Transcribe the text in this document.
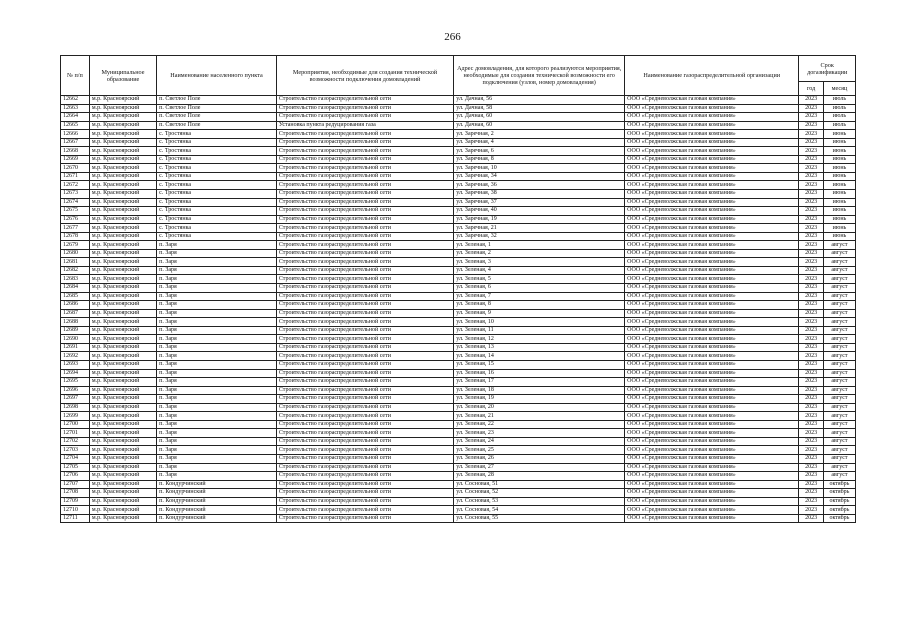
266
№ п/п	Муниципальное образование	Наименование населенного пункта	Мероприятия, необходимые для создания технической возможности подключения домовладений	Адрес домовладения, для которого реализуются мероприятия, необходимые для создания технической возможности его подключения (узлов, номер домовладения)	Наименование газораспределительной организации	Срок догазификации	
						год	месяц
12662	м.р. Красноярский	п. Светлое Поле	Строительство газораспределительной сети	ул. Дачная, 56	ООО «Средневолжская газовая компания»	2023	июль
12663	м.р. Красноярский	п. Светлое Поле	Строительство газораспределительной сети	ул. Дачная, 58	ООО «Средневолжская газовая компания»	2023	июль
12664	м.р. Красноярский	п. Светлое Поле	Строительство газораспределительной сети	ул. Дачная, 60	ООО «Средневолжская газовая компания»	2023	июль
12665	м.р. Красноярский	п. Светлое Поле	Установка пункта редуцирования газа	ул. Дачная, 60	ООО «Средневолжская газовая компания»	2023	июль
12666	м.р. Красноярский	с. Тростянка	Строительство газораспределительной сети	ул. Заречная, 2	ООО «Средневолжская газовая компания»	2023	июнь
12667	м.р. Красноярский	с. Тростянка	Строительство газораспределительной сети	ул. Заречная, 4	ООО «Средневолжская газовая компания»	2023	июнь
12668	м.р. Красноярский	с. Тростянка	Строительство газораспределительной сети	ул. Заречная, 6	ООО «Средневолжская газовая компания»	2023	июнь
12669	м.р. Красноярский	с. Тростянка	Строительство газораспределительной сети	ул. Заречная, 8	ООО «Средневолжская газовая компания»	2023	июнь
12670	м.р. Красноярский	с. Тростянка	Строительство газораспределительной сети	ул. Заречная, 10	ООО «Средневолжская газовая компания»	2023	июнь
12671	м.р. Красноярский	с. Тростянка	Строительство газораспределительной сети	ул. Заречная, 34	ООО «Средневолжская газовая компания»	2023	июнь
12672	м.р. Красноярский	с. Тростянка	Строительство газораспределительной сети	ул. Заречная, 36	ООО «Средневолжская газовая компания»	2023	июнь
12673	м.р. Красноярский	с. Тростянка	Строительство газораспределительной сети	ул. Заречная, 38	ООО «Средневолжская газовая компания»	2023	июнь
12674	м.р. Красноярский	с. Тростянка	Строительство газораспределительной сети	ул. Заречная, 37	ООО «Средневолжская газовая компания»	2023	июнь
12675	м.р. Красноярский	с. Тростянка	Строительство газораспределительной сети	ул. Заречная, 40	ООО «Средневолжская газовая компания»	2023	июнь
12676	м.р. Красноярский	с. Тростянка	Строительство газораспределительной сети	ул. Заречная, 19	ООО «Средневолжская газовая компания»	2023	июнь
12677	м.р. Красноярский	с. Тростянка	Строительство газораспределительной сети	ул. Заречная, 21	ООО «Средневолжская газовая компания»	2023	июнь
12678	м.р. Красноярский	с. Тростянка	Строительство газораспределительной сети	ул. Заречная, 32	ООО «Средневолжская газовая компания»	2023	июнь
12679	м.р. Красноярский	п. Заря	Строительство газораспределительной сети	ул. Зеленая, 1	ООО «Средневолжская газовая компания»	2023	август
12680	м.р. Красноярский	п. Заря	Строительство газораспределительной сети	ул. Зеленая, 2	ООО «Средневолжская газовая компания»	2023	август
12681	м.р. Красноярский	п. Заря	Строительство газораспределительной сети	ул. Зеленая, 3	ООО «Средневолжская газовая компания»	2023	август
12682	м.р. Красноярский	п. Заря	Строительство газораспределительной сети	ул. Зеленая, 4	ООО «Средневолжская газовая компания»	2023	август
12683	м.р. Красноярский	п. Заря	Строительство газораспределительной сети	ул. Зеленая, 5	ООО «Средневолжская газовая компания»	2023	август
12684	м.р. Красноярский	п. Заря	Строительство газораспределительной сети	ул. Зеленая, 6	ООО «Средневолжская газовая компания»	2023	август
12685	м.р. Красноярский	п. Заря	Строительство газораспределительной сети	ул. Зеленая, 7	ООО «Средневолжская газовая компания»	2023	август
12686	м.р. Красноярский	п. Заря	Строительство газораспределительной сети	ул. Зеленая, 8	ООО «Средневолжская газовая компания»	2023	август
12687	м.р. Красноярский	п. Заря	Строительство газораспределительной сети	ул. Зеленая, 9	ООО «Средневолжская газовая компания»	2023	август
12688	м.р. Красноярский	п. Заря	Строительство газораспределительной сети	ул. Зеленая, 10	ООО «Средневолжская газовая компания»	2023	август
12689	м.р. Красноярский	п. Заря	Строительство газораспределительной сети	ул. Зеленая, 11	ООО «Средневолжская газовая компания»	2023	август
12690	м.р. Красноярский	п. Заря	Строительство газораспределительной сети	ул. Зеленая, 12	ООО «Средневолжская газовая компания»	2023	август
12691	м.р. Красноярский	п. Заря	Строительство газораспределительной сети	ул. Зеленая, 13	ООО «Средневолжская газовая компания»	2023	август
12692	м.р. Красноярский	п. Заря	Строительство газораспределительной сети	ул. Зеленая, 14	ООО «Средневолжская газовая компания»	2023	август
12693	м.р. Красноярский	п. Заря	Строительство газораспределительной сети	ул. Зеленая, 15	ООО «Средневолжская газовая компания»	2023	август
12694	м.р. Красноярский	п. Заря	Строительство газораспределительной сети	ул. Зеленая, 16	ООО «Средневолжская газовая компания»	2023	август
12695	м.р. Красноярский	п. Заря	Строительство газораспределительной сети	ул. Зеленая, 17	ООО «Средневолжская газовая компания»	2023	август
12696	м.р. Красноярский	п. Заря	Строительство газораспределительной сети	ул. Зеленая, 18	ООО «Средневолжская газовая компания»	2023	август
12697	м.р. Красноярский	п. Заря	Строительство газораспределительной сети	ул. Зеленая, 19	ООО «Средневолжская газовая компания»	2023	август
12698	м.р. Красноярский	п. Заря	Строительство газораспределительной сети	ул. Зеленая, 20	ООО «Средневолжская газовая компания»	2023	август
12699	м.р. Красноярский	п. Заря	Строительство газораспределительной сети	ул. Зеленая, 21	ООО «Средневолжская газовая компания»	2023	август
12700	м.р. Красноярский	п. Заря	Строительство газораспределительной сети	ул. Зеленая, 22	ООО «Средневолжская газовая компания»	2023	август
12701	м.р. Красноярский	п. Заря	Строительство газораспределительной сети	ул. Зеленая, 23	ООО «Средневолжская газовая компания»	2023	август
12702	м.р. Красноярский	п. Заря	Строительство газораспределительной сети	ул. Зеленая, 24	ООО «Средневолжская газовая компания»	2023	август
12703	м.р. Красноярский	п. Заря	Строительство газораспределительной сети	ул. Зеленая, 25	ООО «Средневолжская газовая компания»	2023	август
12704	м.р. Красноярский	п. Заря	Строительство газораспределительной сети	ул. Зеленая, 26	ООО «Средневолжская газовая компания»	2023	август
12705	м.р. Красноярский	п. Заря	Строительство газораспределительной сети	ул. Зеленая, 27	ООО «Средневолжская газовая компания»	2023	август
12706	м.р. Красноярский	п. Заря	Строительство газораспределительной сети	ул. Зеленая, 28	ООО «Средневолжская газовая компания»	2023	август
12707	м.р. Красноярский	п. Кондурчинский	Строительство газораспределительной сети	ул. Сосновая, 51	ООО «Средневолжская газовая компания»	2023	октябрь
12708	м.р. Красноярский	п. Кондурчинский	Строительство газораспределительной сети	ул. Сосновая, 52	ООО «Средневолжская газовая компания»	2023	октябрь
12709	м.р. Красноярский	п. Кондурчинский	Строительство газораспределительной сети	ул. Сосновая, 53	ООО «Средневолжская газовая компания»	2023	октябрь
12710	м.р. Красноярский	п. Кондурчинский	Строительство газораспределительной сети	ул. Сосновая, 54	ООО «Средневолжская газовая компания»	2023	октябрь
12711	м.р. Красноярский	п. Кондурчинский	Строительство газораспределительной сети	ул. Сосновая, 55	ООО «Средневолжская газовая компания»	2023	октябрь
